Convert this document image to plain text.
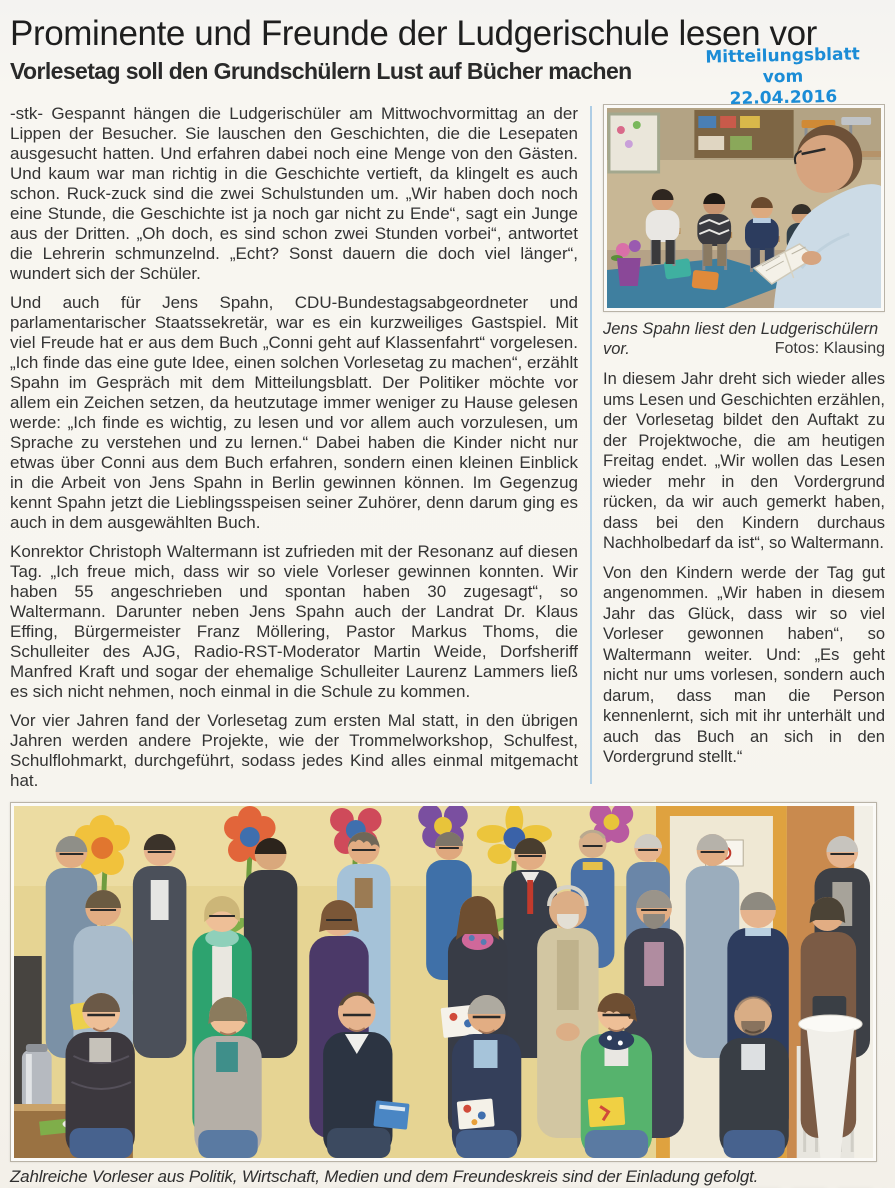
Prominente und Freunde der Ludgerischule lesen vor
Vorlesetag soll den Grundschülern Lust auf Bücher machen
Mitteilungsblatt vom
22.04.2016

-stk- Gespannt hängen die Ludgerischüler am Mittwochvormittag an der Lippen der Besucher. Sie lauschen den Geschichten, die die Lesepaten ausgesucht hatten. Und erfahren dabei noch eine Menge von den Gästen. Und kaum war man richtig in die Geschichte vertieft, da klingelt es auch schon. Ruck-zuck sind die zwei Schulstunden um. „Wir haben doch noch eine Stunde, die Geschichte ist ja noch gar nicht zu Ende“, sagt ein Junge aus der Dritten. „Oh doch, es sind schon zwei Stunden vorbei“, antwortet die Lehrerin schmunzelnd. „Echt? Sonst dauern die doch viel länger“, wundert sich der Schüler.

Und auch für Jens Spahn, CDU-Bundestagsabgeordneter und parlamentarischer Staatssekretär, war es ein kurzweiliges Gastspiel. Mit viel Freude hat er aus dem Buch „Conni geht auf Klassenfahrt“ vorgelesen. „Ich finde das eine gute Idee, einen solchen Vorlesetag zu machen“, erzählt Spahn im Gespräch mit dem Mitteilungsblatt. Der Politiker möchte vor allem ein Zeichen setzen, da heutzutage immer weniger zu Hause gelesen werde: „Ich finde es wichtig, zu lesen und vor allem auch vorzulesen, um Sprache zu verstehen und zu lernen.“ Dabei haben die Kinder nicht nur etwas über Conni aus dem Buch erfahren, sondern einen kleinen Einblick in die Arbeit von Jens Spahn in Berlin gewinnen können. Im Gegenzug kennt Spahn jetzt die Lieblingsspeisen seiner Zuhörer, denn darum ging es auch in dem ausgewählten Buch.

Konrektor Christoph Waltermann ist zufrieden mit der Resonanz auf diesen Tag. „Ich freue mich, dass wir so viele Vorleser gewinnen konnten. Wir haben 55 angeschrieben und spontan haben 30 zugesagt“, so Waltermann. Darunter neben Jens Spahn auch der Landrat Dr. Klaus Effing, Bürgermeister Franz Möllering, Pastor Markus Thoms, die Schulleiter des AJG, Radio-RST-Moderator Martin Weide, Dorfsheriff Manfred Kraft und sogar der ehemalige Schulleiter Laurenz Lammers ließ es sich nicht nehmen, noch einmal in die Schule zu kommen.

Vor vier Jahren fand der Vorlesetag zum ersten Mal statt, in den übrigen Jahren werden andere Projekte, wie der Trommelworkshop, Schulfest, Schulflohmarkt, durchgeführt, sodass jedes Kind alles einmal mitgemacht hat.

Jens Spahn liest den Ludgerischülern vor.	Fotos: Klausing

In diesem Jahr dreht sich wieder alles ums Lesen und Geschichten erzählen, der Vorlesetag bildet den Auftakt zu der Projektwoche, die am heutigen Freitag endet. „Wir wollen das Lesen wieder mehr in den Vordergrund rücken, da wir auch gemerkt haben, dass bei den Kindern durchaus Nachholbedarf da ist“, so Waltermann.

Von den Kindern werde der Tag gut angenommen. „Wir haben in diesem Jahr das Glück, dass wir so viel Vorleser gewonnen haben“, so Waltermann weiter. Und: „Es geht nicht nur ums vorlesen, sondern auch darum, dass man die Person kennenlernt, sich mit ihr unterhält und auch das Buch an sich in den Vordergrund stellt.“

Zahlreiche Vorleser aus Politik, Wirtschaft, Medien und dem Freundeskreis sind der Einladung gefolgt.
